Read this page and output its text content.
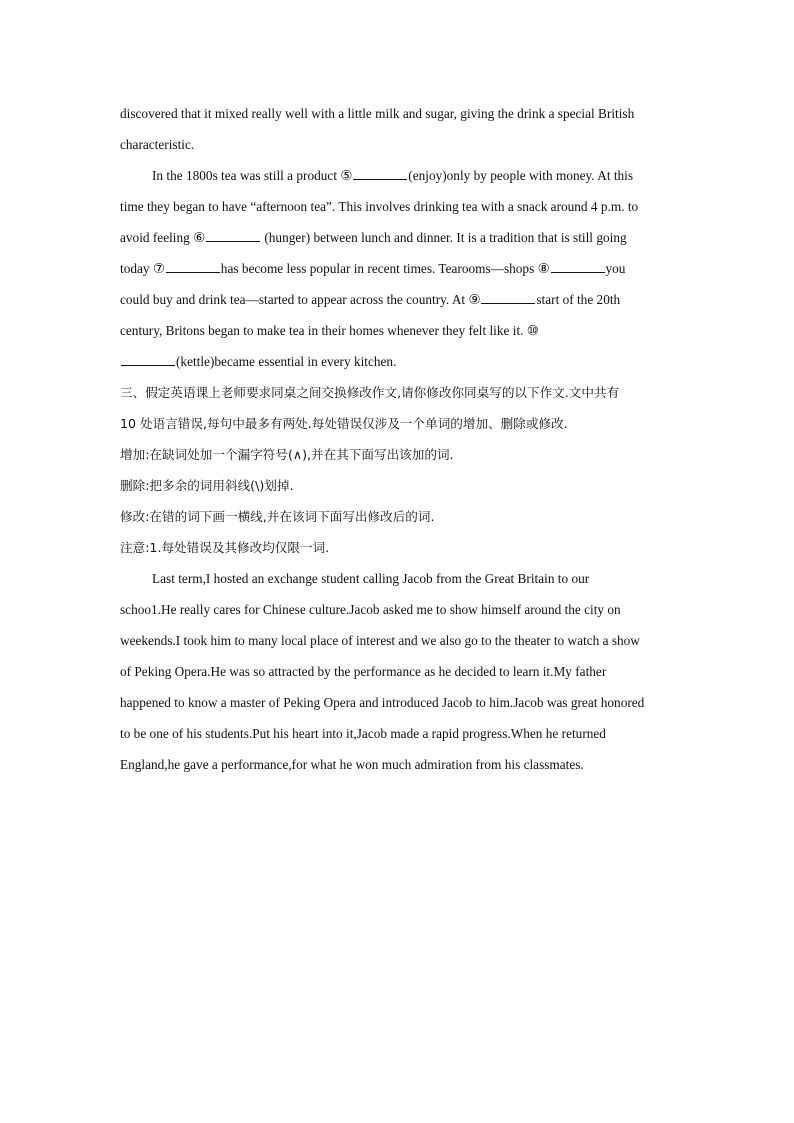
discovered that it mixed really well with a little milk and sugar, giving the drink a special British
characteristic.
In the 1800s tea was still a product ⑤	(enjoy)only by people with money. At this
time they began to have “afternoon tea”. This involves drinking tea with a snack around 4 p.m. to
avoid feeling ⑥	(hunger) between lunch and dinner. It is a tradition that is still going
today ⑦	has become less popular in recent times. Tearooms—shops ⑧	you
could buy and drink tea—started to appear across the country. At ⑨	start of the 20th
century, Britons began to make tea in their homes whenever they felt like it. ⑩
(kettle)became essential in every kitchen.
三、假定英语课上老师要求同桌之间交换修改作文,请你修改你同桌写的以下作文.文中共有
10 处语言错误,每句中最多有两处.每处错误仅涉及一个单词的增加、删除或修改.
增加:在缺词处加一个漏字符号(∧),并在其下面写出该加的词.
删除:把多余的词用斜线(\)划掉.
修改:在错的词下画一横线,并在该词下面写出修改后的词.
注意:1.每处错误及其修改均仅限一词.
Last term,I hosted an exchange student calling Jacob from the Great Britain to our
schoo1.He really cares for Chinese culture.Jacob asked me to show himself around the city on
weekends.I took him to many local place of interest and we also go to the theater to watch a show
of Peking Opera.He was so attracted by the performance as he decided to learn it.My father
happened to know a master of Peking Opera and introduced Jacob to him.Jacob was great honored
to be one of his students.Put his heart into it,Jacob made a rapid progress.When he returned
England,he gave a performance,for what he won much admiration from his classmates.
